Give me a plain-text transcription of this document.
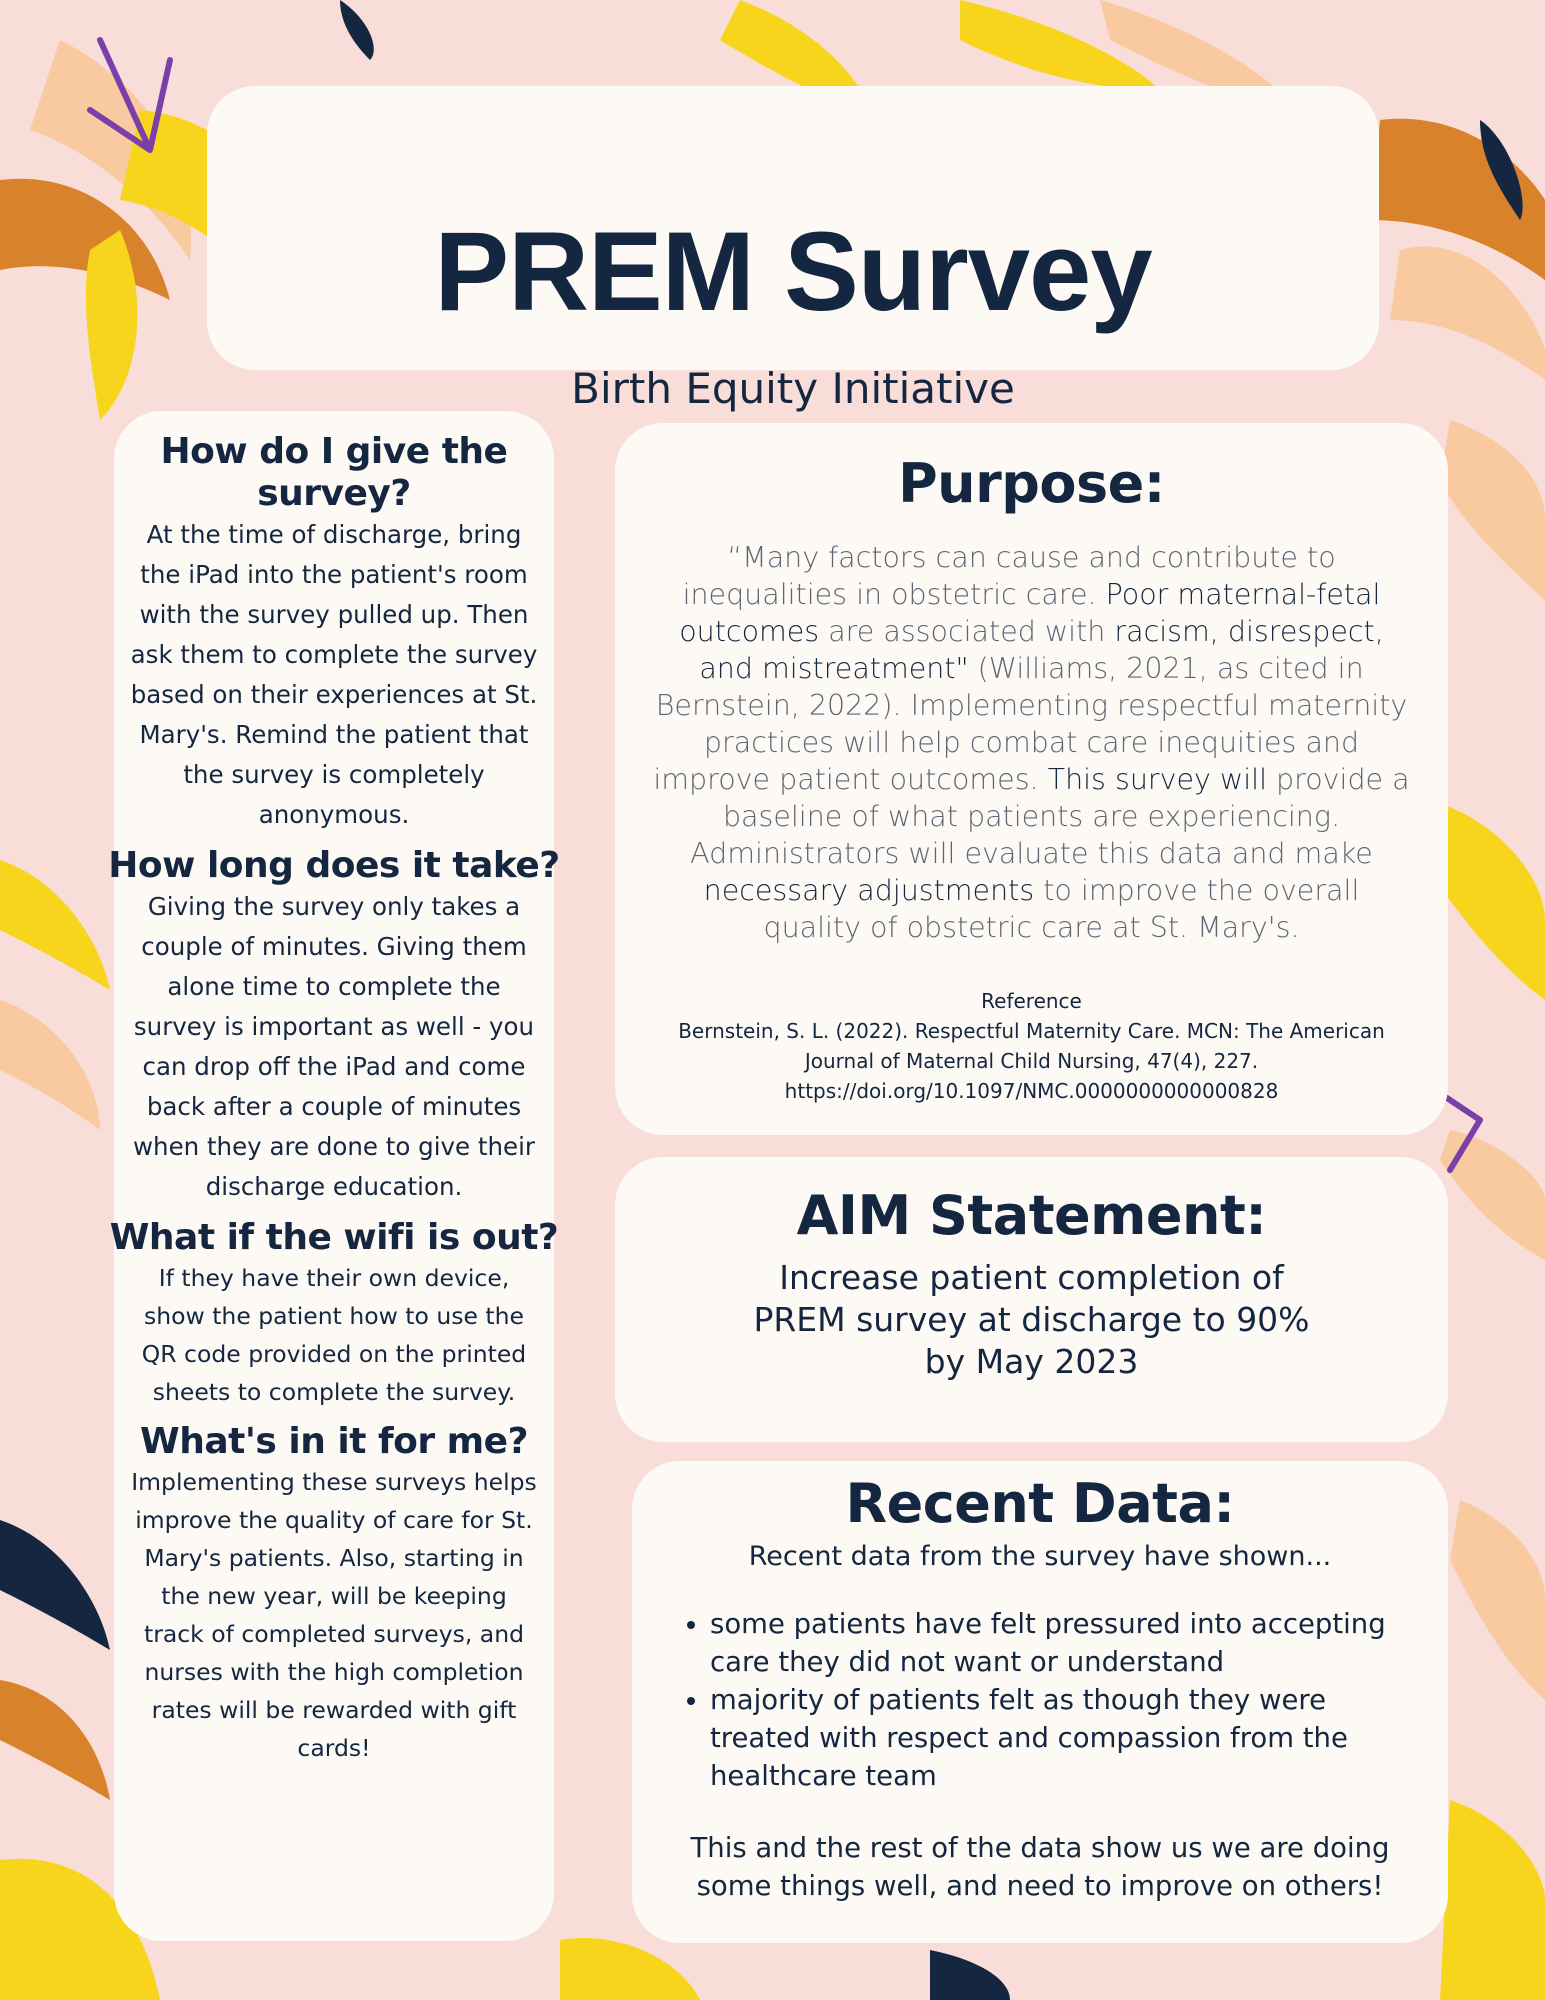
PREM Survey
Birth Equity Initiative
How do I give the survey?

At the time of discharge, bring the iPad into the patient's room with the survey pulled up. Then ask them to complete the survey based on their experiences at St. Mary's. Remind the patient that the survey is completely anonymous.

How long does it take?

Giving the survey only takes a couple of minutes. Giving them alone time to complete the survey is important as well - you can drop off the iPad and come back after a couple of minutes when they are done to give their discharge education.

What if the wifi is out?

If they have their own device, show the patient how to use the QR code provided on the printed sheets to complete the survey.

What's in it for me?

Implementing these surveys helps improve the quality of care for St. Mary's patients. Also, starting in the new year, will be keeping track of completed surveys, and nurses with the high completion rates will be rewarded with gift cards!

Purpose:

“Many factors can cause and contribute to inequalities in obstetric care. Poor maternal-fetal outcomes are associated with racism, disrespect, and mistreatment" (Williams, 2021, as cited in Bernstein, 2022). Implementing respectful maternity practices will help combat care inequities and improve patient outcomes. This survey will provide a baseline of what patients are experiencing. Administrators will evaluate this data and make necessary adjustments to improve the overall quality of obstetric care at St. Mary's.

Reference
Bernstein, S. L. (2022). Respectful Maternity Care. MCN: The American Journal of Maternal Child Nursing, 47(4), 227.
https://doi.org/10.1097/NMC.0000000000000828
AIM Statement:
Increase patient completion of PREM survey at discharge to 90% by May 2023
Recent Data:
Recent data from the survey have shown...
• some patients have felt pressured into accepting care they did not want or understand
• majority of patients felt as though they were treated with respect and compassion from the healthcare team
This and the rest of the data show us we are doing some things well, and need to improve on others!
